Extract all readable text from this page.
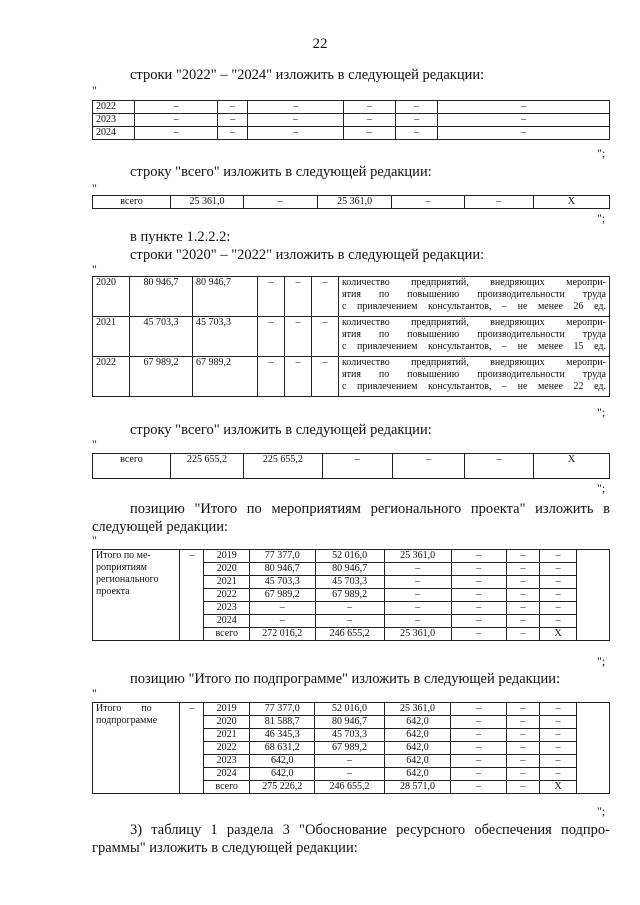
22
строки "2022" – "2024" изложить в следующей редакции:
"
2022	–	–	–	–	–	–
2023	–	–	–	–	–	–
2024	–	–	–	–	–	–
";
строку "всего" изложить в следующей редакции:
"
всего	25 361,0	–	25 361,0	–	–	Х
";
в пункте 1.2.2.2:
строки "2020" – "2022" изложить в следующей редакции:
"
2020	80 946,7	80 946,7	–	–	–	количество предприятий, внедряющих меропри-
ятия по повышению производительности труда
с привлечением консультантов, – не менее 26 ед.

2021	45 703,3	45 703,3	–	–	–	количество предприятий, внедряющих меропри-
ятия по повышению производительности труда
с привлечением консультантов, – не менее 15 ед.

2022	67 989,2	67 989,2	–	–	–	количество предприятий, внедряющих меропри-
ятия по повышению производительности труда
с привлечением консультантов, – не менее 22 ед.
";
строку "всего" изложить в следующей редакции:
"
всего	225 655,2	225 655,2	–	–	–	Х
";
позицию "Итого по мероприятиям регионального проекта" изложить в
следующей редакции:
"
Итого по ме-
роприятиям
регионального
проекта	–	2019	77 377,0	52 016,0	25 361,0	–	–	–	
		2020	80 946,7	80 946,7	–	–	–	–	
		2021	45 703,3	45 703,3	–	–	–	–	
		2022	67 989,2	67 989,2	–	–	–	–	
		2023	–	–	–	–	–	–	
		2024	–	–	–	–	–	–	
		всего	272 016,2	246 655,2	25 361,0	–	–	Х	
";
позицию "Итого по подпрограмме" изложить в следующей редакции:
"
Итого        по
подпрограмме	–	2019	77 377,0	52 016,0	25 361,0	–	–	–	
		2020	81 588,7	80 946,7	642,0	–	–	–	
		2021	46 345,3	45 703,3	642,0	–	–	–	
		2022	68 631,2	67 989,2	642,0	–	–	–	
		2023	642,0	–	642,0	–	–	–	
		2024	642,0	–	642,0	–	–	–	
		всего	275 226,2	246 655,2	28 571,0	–	–	Х	
";
3) таблицу 1 раздела 3 "Обоснование ресурсного обеспечения подпро-
граммы" изложить в следующей редакции:
